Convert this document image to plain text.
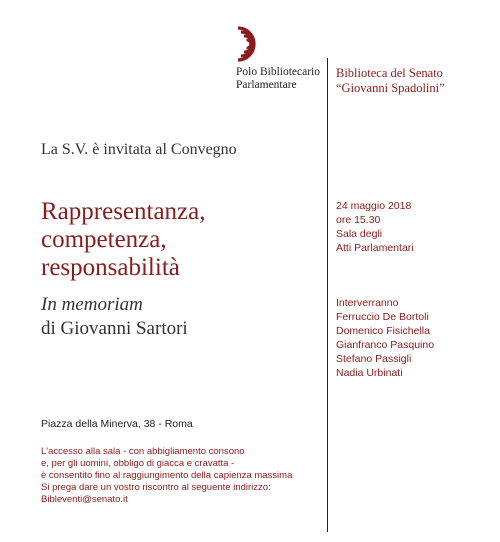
Polo Bibliotecario
Parlamentare
Biblioteca del Senato
“Giovanni Spadolini”
La S.V. è invitata al Convegno
Rappresentanza,
competenza,
responsabilità
In memoriam
di Giovanni Sartori
24 maggio 2018
ore 15.30
Sala degli
Atti Parlamentari
Interverranno
Ferruccio De Bortoli
Domenico Fisichella
Gianfranco Pasquino
Stefano Passigli
Nadia Urbinati
Piazza della Minerva, 38 - Roma
L'accesso alla sala - con abbigliamento consono
e, per gli uomini, obbligo di giacca e cravatta -
è consentito fino al raggiungimento della capienza massima
Si prega dare un vostro riscontro al seguente indirizzo:
Bibleventi@senato.it
